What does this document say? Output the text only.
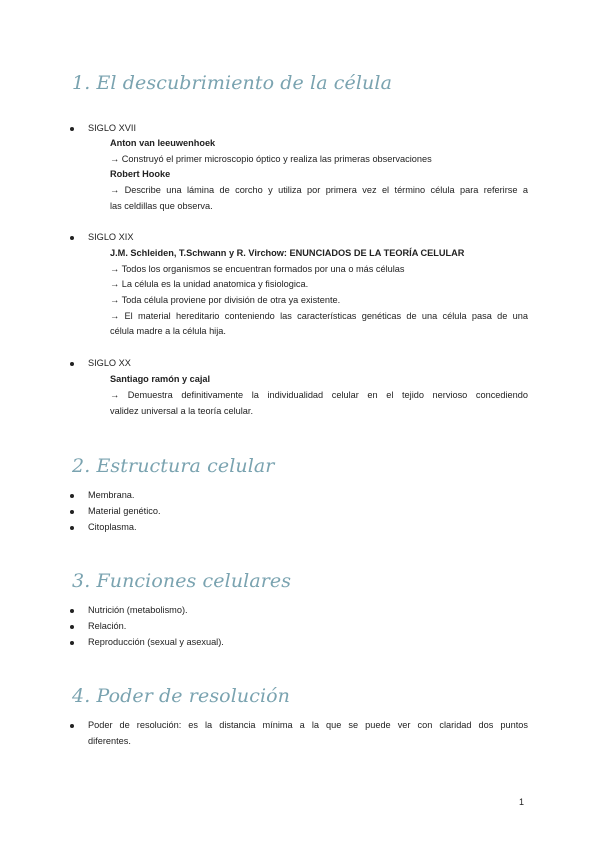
1. El descubrimiento de la célula
SIGLO XVII
Anton van leeuwenhoek
→ Construyó el primer microscopio óptico y realiza las primeras observaciones
Robert Hooke
→ Describe una lámina de corcho y utiliza por primera vez el término célula para referirse a
las celdillas que observa.
SIGLO XIX
J.M. Schleiden, T.Schwann y R. Virchow: ENUNCIADOS DE LA TEORÍA CELULAR
→ Todos los organismos se encuentran formados por una o más células
→ La célula es la unidad anatomica y fisiologica.
→ Toda célula proviene por división de otra ya existente.
→ El material hereditario conteniendo las características genéticas de una célula pasa de una
célula madre a la célula hija.
SIGLO XX
Santiago ramón y cajal
→ Demuestra definitivamente la individualidad celular en el tejido nervioso concediendo
validez universal a la teoría celular.
2. Estructura celular
Membrana.
Material genético.
Citoplasma.
3. Funciones celulares
Nutrición (metabolismo).
Relación.
Reproducción (sexual y asexual).
4. Poder de resolución
Poder de resolución: es la distancia mínima a la que se puede ver con claridad dos puntos
diferentes.
1
